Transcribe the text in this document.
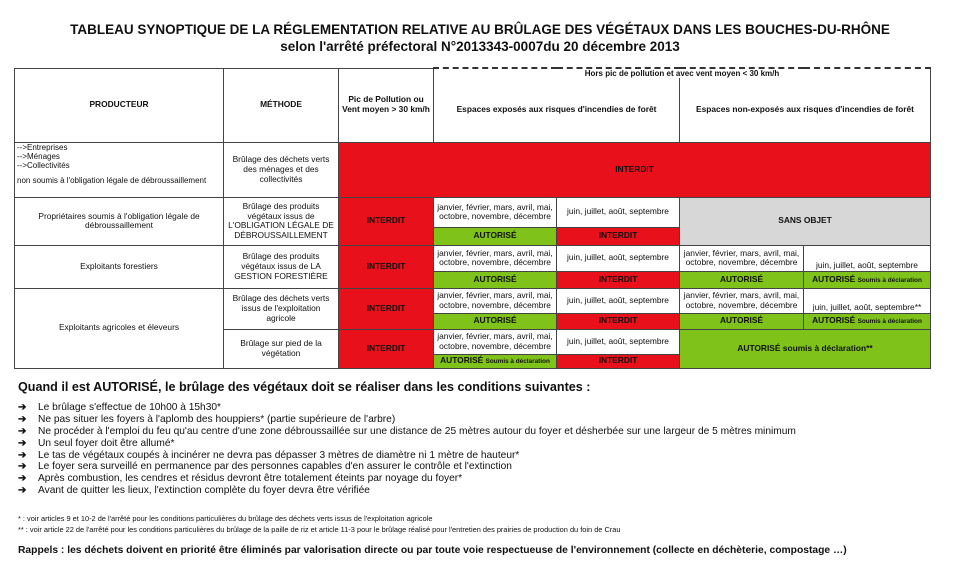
TABLEAU SYNOPTIQUE DE LA RÉGLEMENTATION RELATIVE AU BRÛLAGE DES VÉGÉTAUX DANS LES BOUCHES-DU-RHÔNE
selon l'arrêté préfectoral N°2013343-0007du 20 décembre 2013
PRODUCTEUR	MÉTHODE	Pic de Pollution ou
Vent moyen > 30 km/h	Hors pic de pollution et avec vent moyen < 30 km/h			
			Espaces exposés aux risques d'incendies de forêt		Espaces non-exposés aux risques d'incendies de forêt	

-->Entreprises
-->Ménages
-->Collectivités
non soumis à l'obligation légale de débroussaillement	Brûlage des déchets verts des ménages et des collectivités	INTERDIT				
Propriétaires soumis à l'obligation légale de débroussaillement	Brûlage des produits végétaux issus de L'OBLIGATION LÉGALE DE DÉBROUSSAILLEMENT	INTERDIT	janvier, février, mars, avril, mai, octobre, novembre, décembre	juin, juillet, août, septembre	SANS OBJET	
			AUTORISÉ	INTERDIT		
Exploitants forestiers	Brûlage des produits végétaux issus de LA GESTION FORESTIÈRE	INTERDIT	janvier, février, mars, avril, mai, octobre, novembre, décembre	juin, juillet, août, septembre	janvier, février, mars, avril, mai, octobre, novembre, décembre	juin, juillet, août, septembre
			AUTORISÉ	INTERDIT	AUTORISÉ	AUTORISÉ Soumis à déclaration
Exploitants agricoles et éleveurs	Brûlage des déchets verts issus de l'exploitation agricole	INTERDIT	janvier, février, mars, avril, mai, octobre, novembre, décembre	juin, juillet, août, septembre	janvier, février, mars, avril, mai, octobre, novembre, décembre	juin, juillet, août, septembre**
			AUTORISÉ	INTERDIT	AUTORISÉ	AUTORISÉ Soumis à déclaration
	Brûlage sur pied de la végétation	INTERDIT	janvier, février, mars, avril, mai, octobre, novembre, décembre	juin, juillet, août, septembre	AUTORISÉ soumis à déclaration**	
			AUTORISÉ Soumis à déclaration	INTERDIT		
Quand il est AUTORISÉ, le brûlage des végétaux doit se réaliser dans les conditions suivantes :
➔ Le brûlage s'effectue de 10h00 à 15h30*
➔ Ne pas situer les foyers à l'aplomb des houppiers* (partie supérieure de l'arbre)
➔ Ne procéder à l'emploi du feu qu'au centre d'une zone débroussaillée sur une distance de 25 mètres autour du foyer et désherbée sur une largeur de 5 mètres minimum
➔ Un seul foyer doit être allumé*
➔ Le tas de végétaux coupés à incinérer ne devra pas dépasser 3 mètres de diamètre ni 1 mètre de hauteur*
➔ Le foyer sera surveillé en permanence par des personnes capables d'en assurer le contrôle et l'extinction
➔ Après combustion, les cendres et résidus devront être totalement éteints par noyage du foyer*
➔ Avant de quitter les lieux, l'extinction complète du foyer devra être vérifiée
* : voir articles 9 et 10-2 de l'arrêté pour les conditions particulières du brûlage des déchets verts issus de l'exploitation agricole
** : voir article 22 de l'arrêté pour les conditions particulières du brûlage de la paille de riz et article 11-3 pour le brûlage réalisé pour l'entretien des prairies de production du foin de Crau
Rappels : les déchets doivent en priorité être éliminés par valorisation directe ou par toute voie respectueuse de l'environnement (collecte en déchèterie, compostage …)
